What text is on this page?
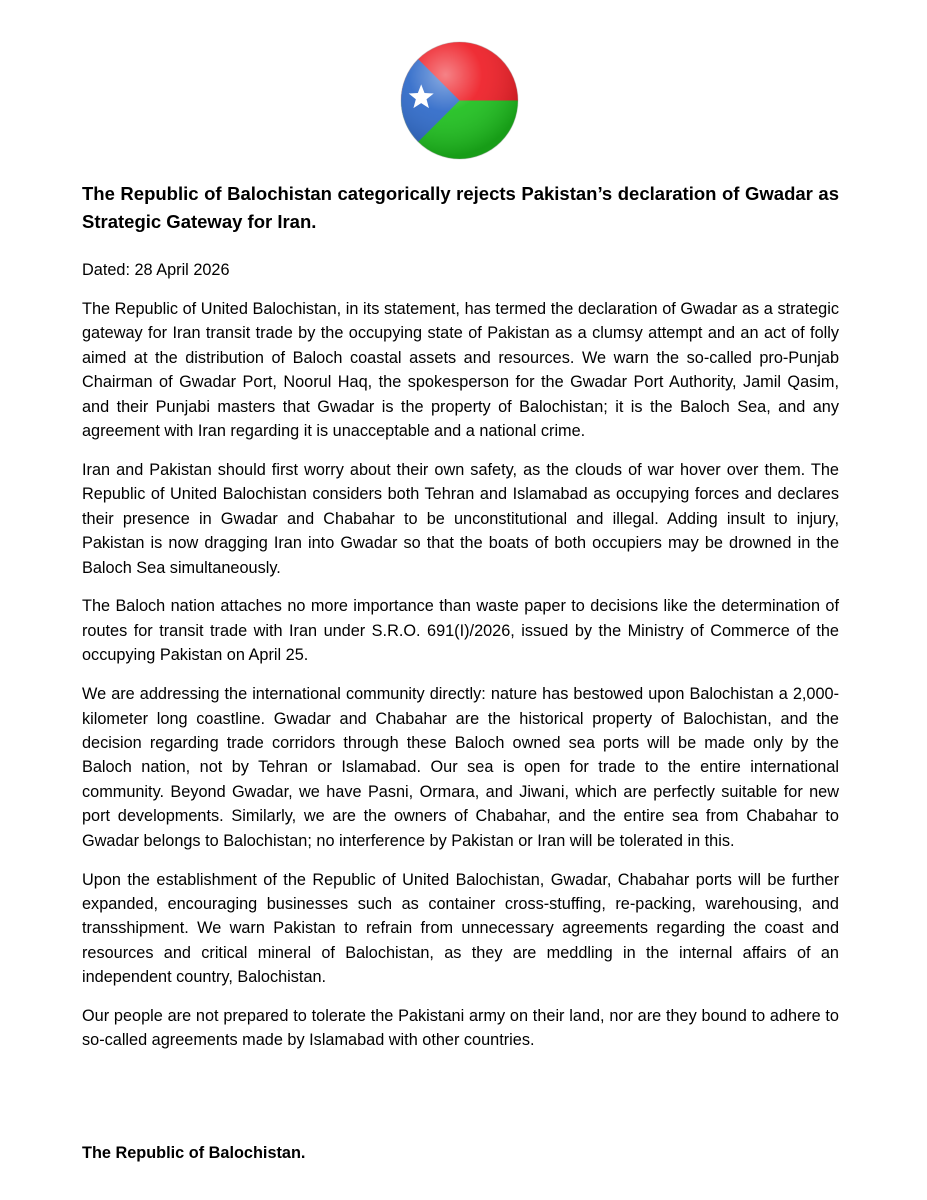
The Republic of Balochistan categorically rejects Pakistan’s declaration of Gwadar as Strategic Gateway for Iran.

Dated: 28 April 2026

The Republic of United Balochistan, in its statement, has termed the declaration of Gwadar as a strategic gateway for Iran transit trade by the occupying state of Pakistan as a clumsy attempt and an act of folly aimed at the distribution of Baloch coastal assets and resources. We warn the so-called pro-Punjab Chairman of Gwadar Port, Noorul Haq, the spokesperson for the Gwadar Port Authority, Jamil Qasim, and their Punjabi masters that Gwadar is the property of Balochistan; it is the Baloch Sea, and any agreement with Iran regarding it is unacceptable and a national crime.

Iran and Pakistan should first worry about their own safety, as the clouds of war hover over them. The Republic of United Balochistan considers both Tehran and Islamabad as occupying forces and declares their presence in Gwadar and Chabahar to be unconstitutional and illegal. Adding insult to injury, Pakistan is now dragging Iran into Gwadar so that the boats of both occupiers may be drowned in the Baloch Sea simultaneously.

The Baloch nation attaches no more importance than waste paper to decisions like the determination of routes for transit trade with Iran under S.R.O. 691(I)/2026, issued by the Ministry of Commerce of the occupying Pakistan on April 25.

We are addressing the international community directly: nature has bestowed upon Balochistan a 2,000-kilometer long coastline. Gwadar and Chabahar are the historical property of Balochistan, and the decision regarding trade corridors through these Baloch owned sea ports will be made only by the Baloch nation, not by Tehran or Islamabad. Our sea is open for trade to the entire international community. Beyond Gwadar, we have Pasni, Ormara, and Jiwani, which are perfectly suitable for new port developments. Similarly, we are the owners of Chabahar, and the entire sea from Chabahar to Gwadar belongs to Balochistan; no interference by Pakistan or Iran will be tolerated in this.

Upon the establishment of the Republic of United Balochistan, Gwadar, Chabahar ports will be further expanded, encouraging businesses such as container cross-stuffing, re-packing, warehousing, and transshipment. We warn Pakistan to refrain from unnecessary agreements regarding the coast and resources and critical mineral of Balochistan, as they are meddling in the internal affairs of an independent country, Balochistan.

Our people are not prepared to tolerate the Pakistani army on their land, nor are they bound to adhere to so-called agreements made by Islamabad with other countries.

The Republic of Balochistan.
